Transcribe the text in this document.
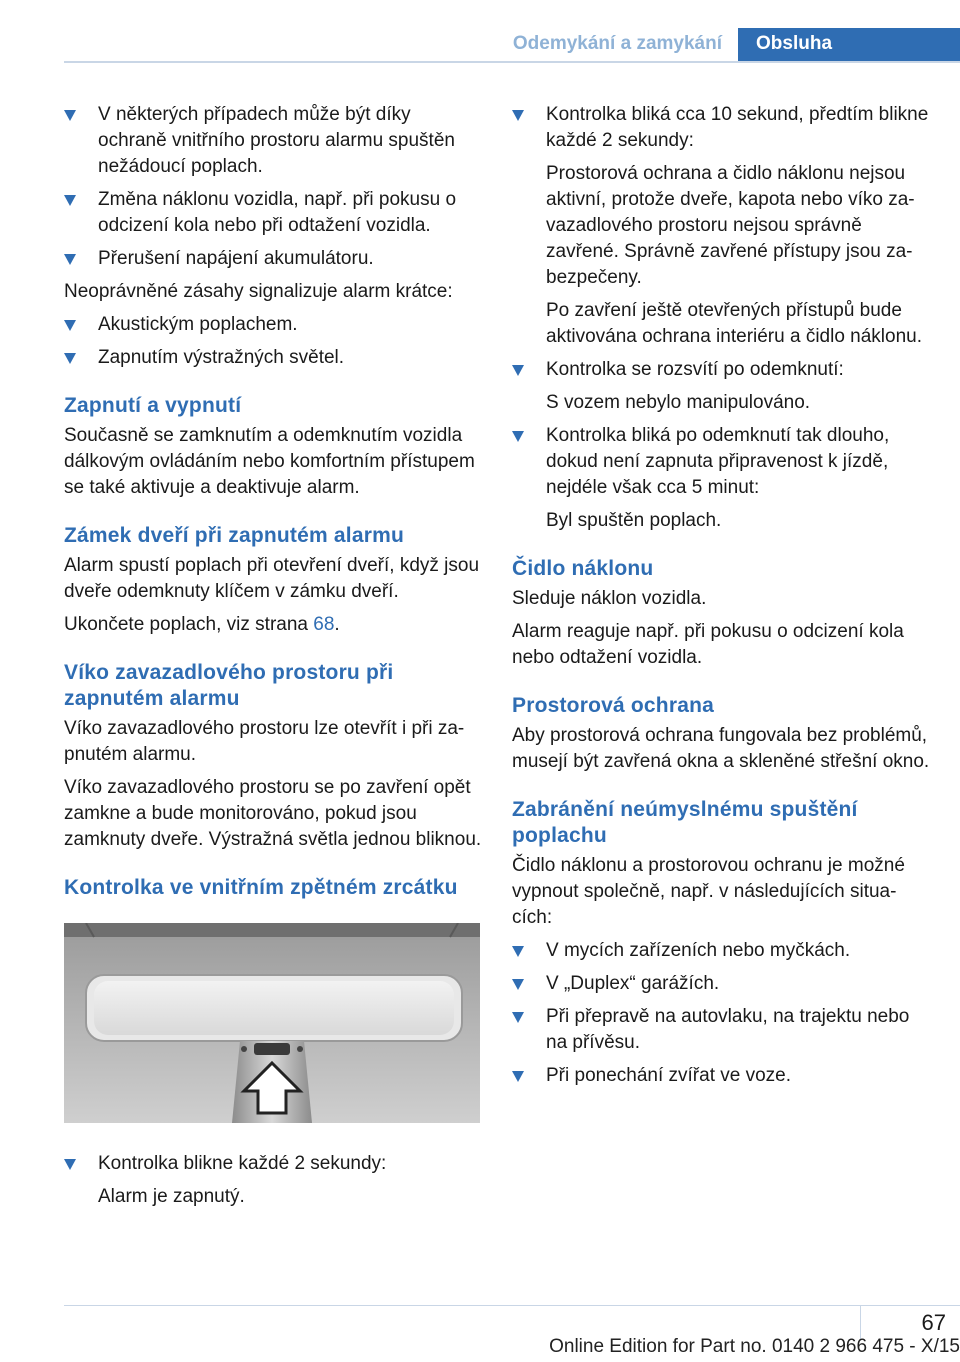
Odemykání a zamykání	Obsluha

V některých případech může být díky ochraně vnitřního prostoru alarmu spuštěn nežádoucí poplach.

Změna náklonu vozidla, např. při pokusu o odcizení kola nebo při odtažení vozidla.

Přerušení napájení akumulátoru.

Neoprávněné zásahy signalizuje alarm krátce:

Akustickým poplachem.

Zapnutím výstražných světel.

Zapnutí a vypnutí

Současně se zamknutím a odemknutím vozidla dálkovým ovládáním nebo komfortním přístupem se také aktivuje a deaktivuje alarm.

Zámek dveří při zapnutém alarmu

Alarm spustí poplach při otevření dveří, když jsou dveře odemknuty klíčem v zámku dveří.

Ukončete poplach, viz strana 68.

Víko zavazadlového prostoru při zapnutém alarmu

Víko zavazadlového prostoru lze otevřít i při zapnutém alarmu.

Víko zavazadlového prostoru se po zavření opět zamkne a bude monitorováno, pokud jsou zamknuty dveře. Výstražná světla jednou bliknou.

Kontrolka ve vnitřním zpětném zrcátku

Kontrolka blikne každé 2 sekundy:

Alarm je zapnutý.

Kontrolka bliká cca 10 sekund, předtím blikne každé 2 sekundy:

Prostorová ochrana a čidlo náklonu nejsou aktivní, protože dveře, kapota nebo víko zavazadlového prostoru nejsou správně zavřené. Správně zavřené přístupy jsou zabezpečeny.

Po zavření ještě otevřených přístupů bude aktivována ochrana interiéru a čidlo náklonu.

Kontrolka se rozsvítí po odemknutí:

S vozem nebylo manipulováno.

Kontrolka bliká po odemknutí tak dlouho, dokud není zapnuta připravenost k jízdě, nejdéle však cca 5 minut:

Byl spuštěn poplach.

Čidlo náklonu

Sleduje náklon vozidla.

Alarm reaguje např. při pokusu o odcizení kola nebo odtažení vozidla.

Prostorová ochrana

Aby prostorová ochrana fungovala bez problémů, musejí být zavřená okna a skleněné střešní okno.

Zabránění neúmyslnému spuštění poplachu

Čidlo náklonu a prostorovou ochranu je možné vypnout společně, např. v následujících situacích:

V mycích zařízeních nebo myčkách.

V „Duplex“ garážích.

Při přepravě na autovlaku, na trajektu nebo na přívěsu.

Při ponechání zvířat ve voze.

67
Online Edition for Part no. 0140 2 966 475 - X/15
